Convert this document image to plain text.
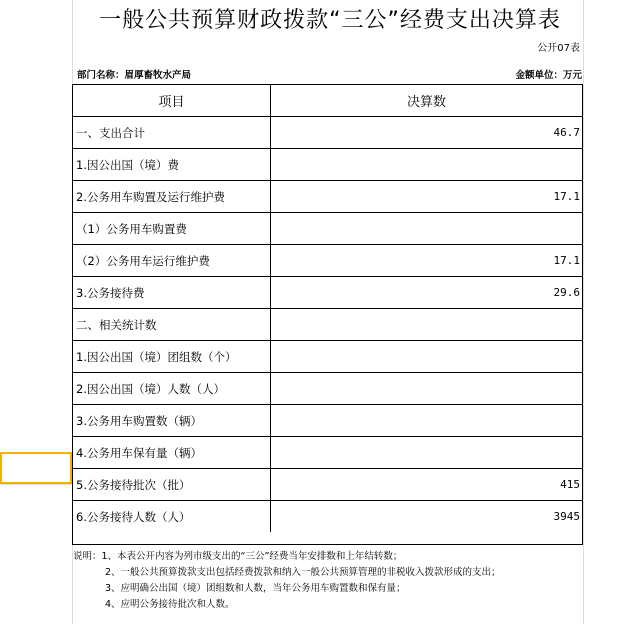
一般公共预算财政拨款“三公”经费支出决算表
公开07表
部门名称：眉厚畜牧水产局	金额单位：万元
项目	决算数
一、支出合计	46.7
1.因公出国（境）费
2.公务用车购置及运行维护费	17.1
（1）公务用车购置费
（2）公务用车运行维护费	17.1
3.公务接待费	29.6
二、相关统计数
1.因公出国（境）团组数（个）
2.因公出国（境）人数（人）
3.公务用车购置数（辆）
4.公务用车保有量（辆）
5.公务接待批次（批）	415
6.公务接待人数（人）	3945
说明：1、本表公开内容为列市级支出的“三公”经费当年安排数和上年结转数；
2、一般公共预算拨款支出包括经费拨款和纳入一般公共预算管理的非税收入拨款形成的支出；
3、应明确公出国（境）团组数和人数，当年公务用车购置数和保有量；
4、应明公务接待批次和人数。
